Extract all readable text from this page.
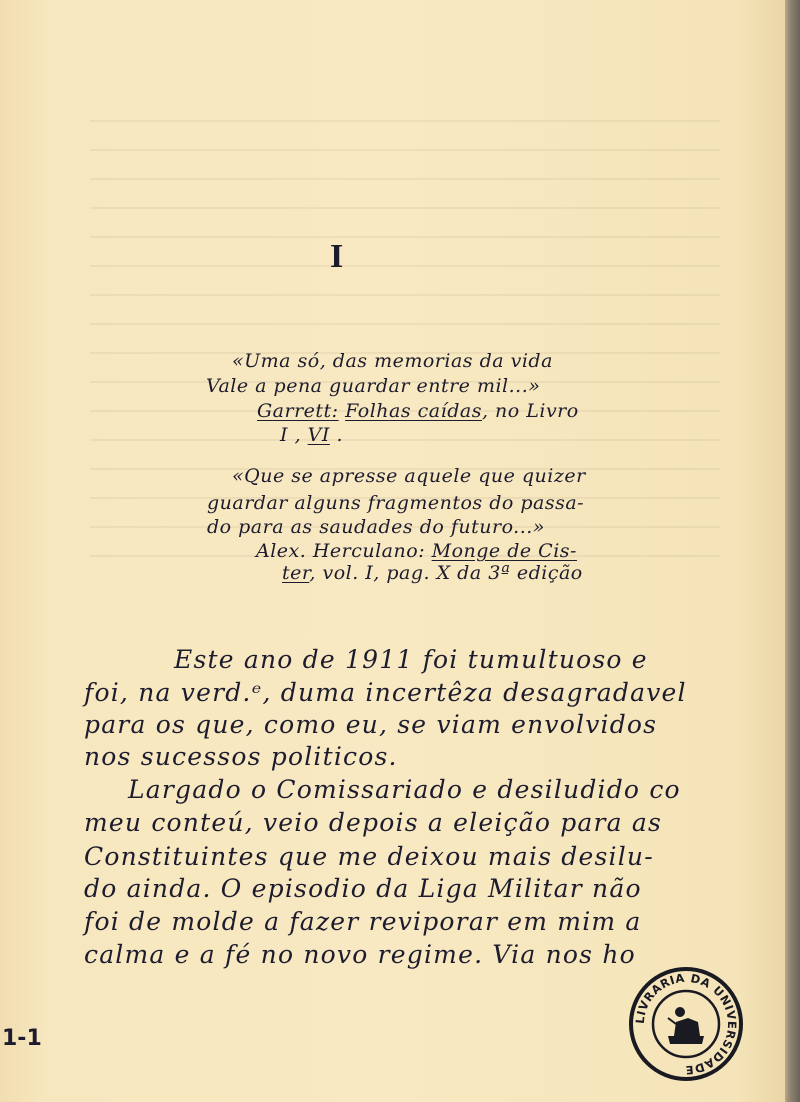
I
«Uma só, das memorias da vida
Vale a pena guardar entre mil...»
Garrett: Folhas caídas, no Livro
I , VI .
«Que se apresse aquele que quizer
guardar alguns fragmentos do passa-
do para as saudades do futuro...»
Alex. Herculano: Monge de Cis-
ter, vol. I, pag. X da 3ª edição
Este ano de 1911 foi tumultuoso e
foi, na verd.ᵉ, duma incertêza desagradavel
para os que, como eu, se viam envolvidos
nos sucessos politicos.
Largado o Comissariado e desiludido co
meu conteú, veio depois a eleição para as
Constituintes que me deixou mais desilu-
do ainda. O episodio da Liga Militar não
foi de molde a fazer reviporar em mim a
calma e a fé no novo regime. Via nos ho
1-1
LIVRARIA DA UNIVERSIDADE
